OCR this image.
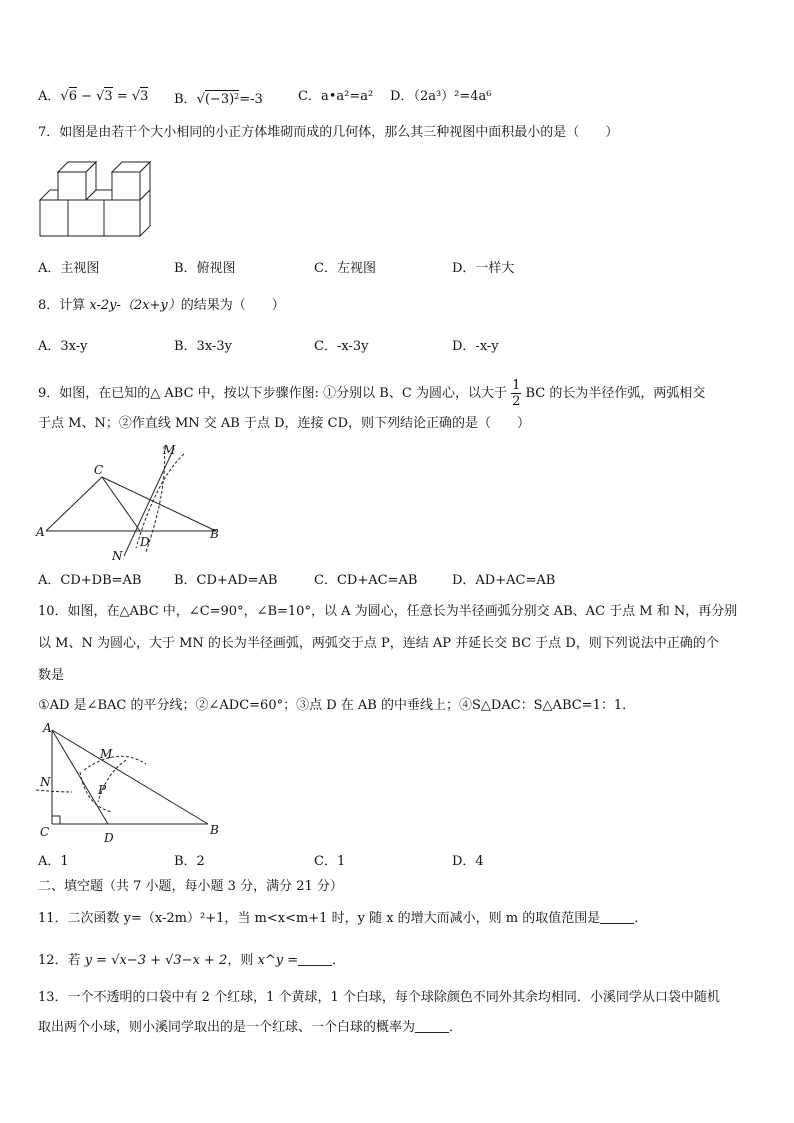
A．√6 − √3 = √3 B．$√(-3)^2=-3$	C．a•a²=a² D．（2a³）²=4a⁶
7．如图是由若干个大小相同的小正方体堆砌而成的几何体，那么其三种视图中面积最小的是（　　）
A．主视图	B．俯视图	C．左视图	D．一样大
8．计算 x-2y-（2x+y）的结果为（　　）
A．3x-y	B．3x-3y	C．-x-3y	D．-x-y
9．如图，在已知的△ ABC 中，按以下步骤作图: ①分别以 B、C 为圆心，以大于 $\frac{1}{2}$ BC 的长为半径作弧，两弧相交
于点 M、N；②作直线 MN 交 AB 于点 D，连接 CD，则下列结论正确的是（　　）
C
M
A
D
B
N
A．CD+DB=AB	B．CD+AD=AB	C．CD+AC=AB	D．AD+AC=AB
10．如图，在△ABC 中，∠C=90°，∠B=10°，以 A 为圆心，任意长为半径画弧分别交 AB、AC 于点 M 和 N，再分别
以 M、N 为圆心，大于 MN 的长为半径画弧，两弧交于点 P，连结 AP 并延长交 BC 于点 D，则下列说法中正确的个
数是
①AD 是∠BAC 的平分线；②∠ADC=60°；③点 D 在 AB 的中垂线上；④S△DAC：S△ABC=1：1．
A
M
N
P
C	D
B
A．1	B．2	C．1	D．4
二、填空题（共 7 小题，每小题 3 分，满分 21 分）
11．二次函数 y=（x-2m）²+1，当 m<x<m+1 时，y 随 x 的增大而减小，则 m 的取值范围是	．
12．若 y = √x−3 + √3−x + 2，则 x^y =	．
13．一个不透明的口袋中有 2 个红球，1 个黄球，1 个白球，每个球除颜色不同外其余均相同．小溪同学从口袋中随机
取出两个小球，则小溪同学取出的是一个红球、一个白球的概率为	．
